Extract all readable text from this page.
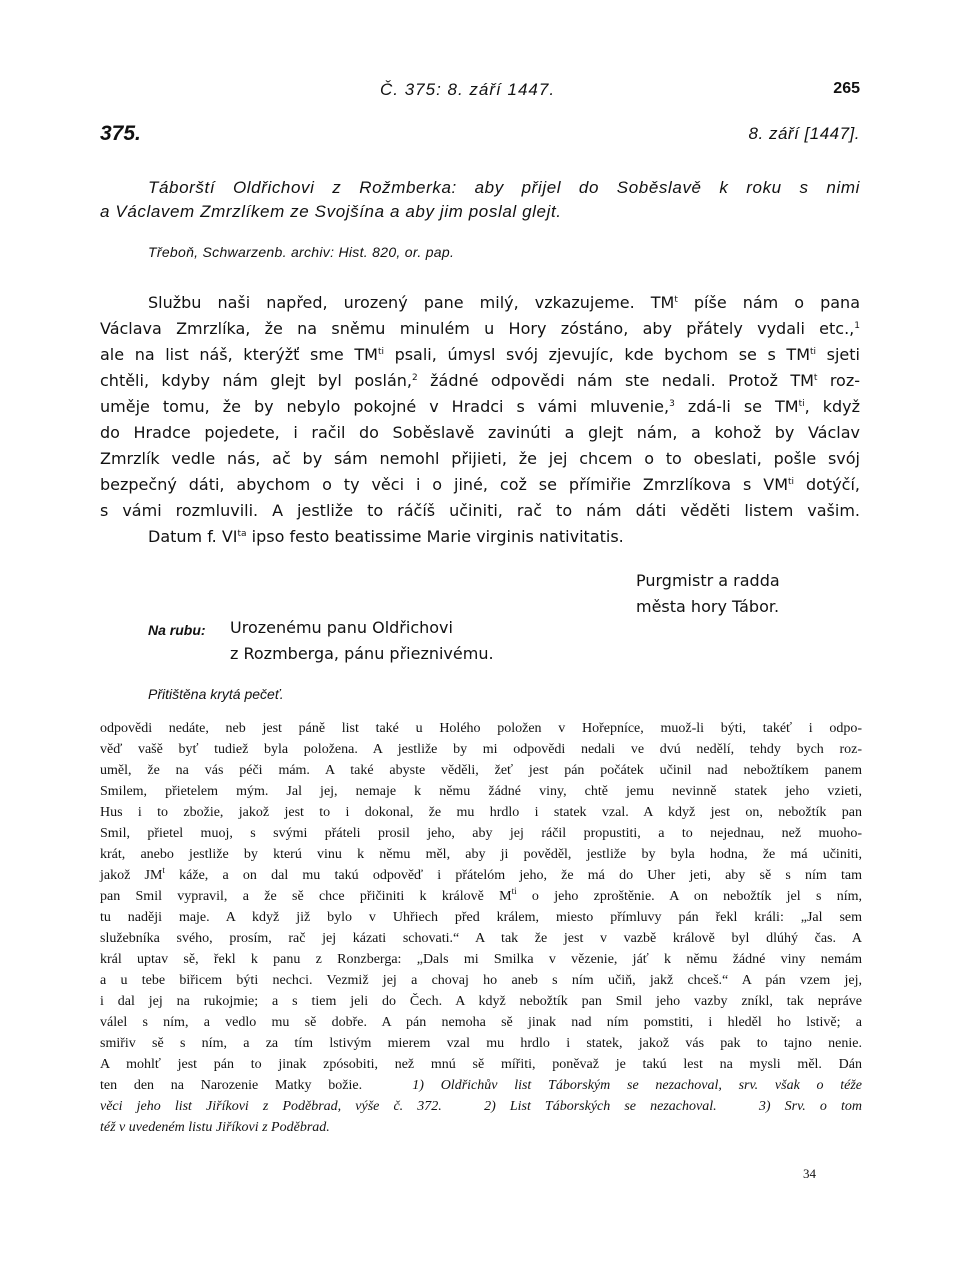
Č. 375: 8. září 1447.	265
375.	8. září [1447].
Táborští Oldřichovi z Rožmberka: aby přijel do Soběslavě k roku s nimi
a Václavem Zmrzlíkem ze Svojšína a aby jim poslal glejt.
Třeboň, Schwarzenb. archiv: Hist. 820, or. pap.
Službu naši napřed, urozený pane milý, vzkazujeme. $TM^t$ píše nám o pana
Václava Zmrzlíka, že na sněmu minulém u Hory zóstáno, aby přátely vydali etc.,$^1$
ale na list náš, kterýžť sme $TM^{ti}$ psali, úmysl svój zjevujíc, kde bychom se s $TM^{ti}$ sjeti
chtěli, kdyby nám glejt byl poslán,$^2$ žádné odpovědi nám ste nedali. Protož $TM^t$ roz-
uměje tomu, že by nebylo pokojné v Hradci s vámi mluvenie,$^3$ zdá-li se $TM^{ti}$, když
do Hradce pojedete, i račil do Soběslavě zavinúti a glejt nám, a kohož by Václav
Zmrzlík vedle nás, ač by sám nemohl přijieti, že jej chcem o to obeslati, pošle svój
bezpečný dáti, abychom o ty věci i o jiné, což se přímiřie Zmrzlíkova s $VM^{ti}$ dotýčí,
s vámi rozmluvili. A jestliže to ráčíš učiniti, rač to nám dáti věděti listem vašim.
Datum f. $VI^{ta}$ ipso festo beatissime Marie virginis nativitatis.
Purgmistr a radda
města hory Tábor.
Na rubu: Urozenému panu Oldřichovi
z Rozmberga, pánu přieznivému.
Přitištěna krytá pečeť.
odpovědi nedáte, neb jest páně list také u Holého položen v Hořepníce, muož-li býti, takéť i odpo-
věď vašě byť tudiež byla položena. A jestliže by mi odpovědi nedali ve dvú nedělí, tehdy bych roz-
uměl, že na vás péči mám. A také abyste věděli, žeť jest pán počátek učinil nad nebožtíkem panem
Smilem, přietelem mým. Jal jej, nemaje k němu žádné viny, chtě jemu nevinně statek jeho vzieti,
Hus i to zbožie, jakož jest to i dokonal, že mu hrdlo i statek vzal. A když jest on, nebožtík pan
Smil, přietel muoj, s svými přáteli prosil jeho, aby jej ráčil propustiti, a to nejednau, než muoho-
krát, anebo jestliže by kterú vinu k němu měl, aby ji pověděl, jestliže by byla hodna, že má učiniti,
jakož $JM^t$ káže, a on dal mu takú odpověď i přátelóm jeho, že má do Uher jeti, aby sě s ním tam
pan Smil vypravil, a že sě chce přičiniti k králově $M^{ti}$ o jeho zproštěnie. A on nebožtík jel s ním,
tu naději maje. A když již bylo v Uhřiech před králem, miesto přímluvy pán řekl králi: „Jal sem
služebníka svého, prosím, rač jej kázati schovati.“ A tak že jest v vazbě královĕ byl dlúhý čas. A
král uptav sě, řekl k panu z Ronzberga: „Dals mi Smilka v vězenie, jáť k němu žádné viny nemám
a u tebe biřicem býti nechci. Vezmiž jej a chovaj ho aneb s ním učiň, jakž chceš.“ A pán vzem jej,
i dal jej na rukojmie; a s tiem jeli do Čech. A když nebožtík pan Smil jeho vazby zníkl, tak nepráve
válel s ním, a vedlo mu sě dobře. A pán nemoha sě jinak nad ním pomstiti, i hleděl ho lstivě; a
smiřiv sě s ním, a za tím lstivým mierem vzal mu hrdlo i statek, jakož vás pak to tajno nenie.
A mohlť jest pán to jinak zpósobiti, než mnú sě mířiti, poněvaž je takú lest na mysli měl. Dán
ten den na Narozenie Matky božie.	1) Oldřichův list Táborským se nezachoval, srv. však o téže
věci jeho list Jiříkovi z Poděbrad, výše č. 372.	2) List Táborských se nezachoval.	3) Srv. o tom
též v uvedeném listu Jiříkovi z Poděbrad.
34
